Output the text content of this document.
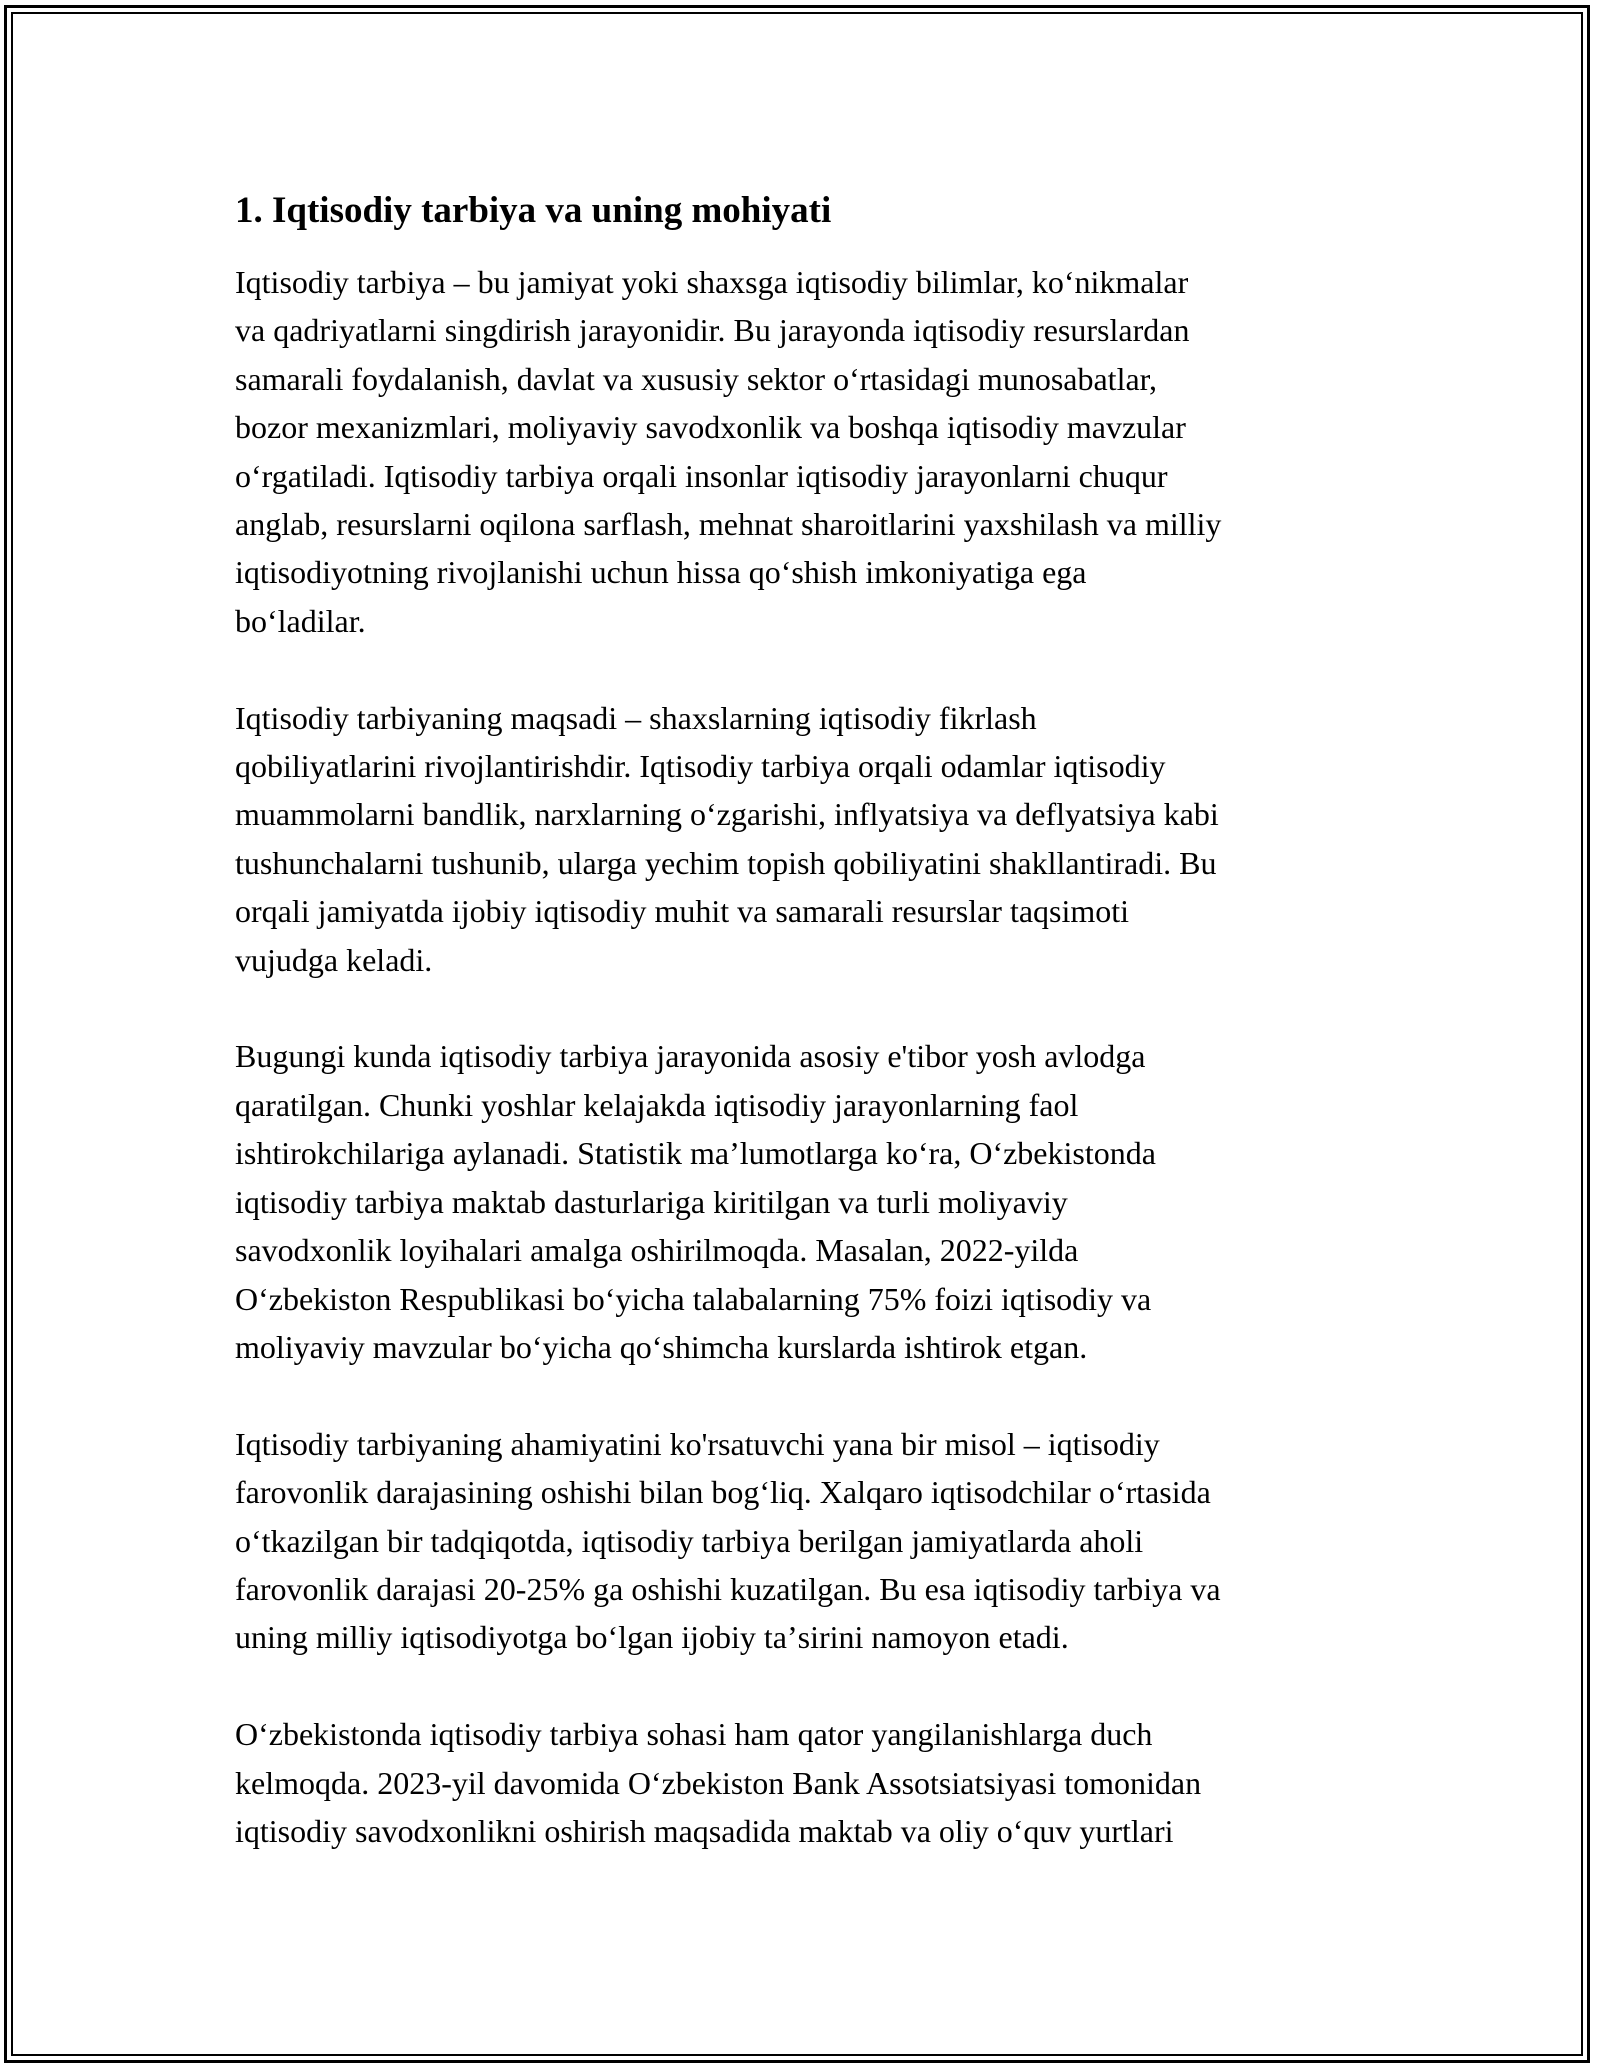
1. Iqtisodiy tarbiya va uning mohiyati
Iqtisodiy tarbiya – bu jamiyat yoki shaxsga iqtisodiy bilimlar, koʻnikmalar
va qadriyatlarni singdirish jarayonidir. Bu jarayonda iqtisodiy resurslardan
samarali foydalanish, davlat va xususiy sektor oʻrtasidagi munosabatlar,
bozor mexanizmlari, moliyaviy savodxonlik va boshqa iqtisodiy mavzular
oʻrgatiladi. Iqtisodiy tarbiya orqali insonlar iqtisodiy jarayonlarni chuqur
anglab, resurslarni oqilona sarflash, mehnat sharoitlarini yaxshilash va milliy
iqtisodiyotning rivojlanishi uchun hissa qoʻshish imkoniyatiga ega
boʻladilar.
Iqtisodiy tarbiyaning maqsadi – shaxslarning iqtisodiy fikrlash
qobiliyatlarini rivojlantirishdir. Iqtisodiy tarbiya orqali odamlar iqtisodiy
muammolarni bandlik, narxlarning oʻzgarishi, inflyatsiya va deflyatsiya kabi
tushunchalarni tushunib, ularga yechim topish qobiliyatini shakllantiradi. Bu
orqali jamiyatda ijobiy iqtisodiy muhit va samarali resurslar taqsimoti
vujudga keladi.
Bugungi kunda iqtisodiy tarbiya jarayonida asosiy e'tibor yosh avlodga
qaratilgan. Chunki yoshlar kelajakda iqtisodiy jarayonlarning faol
ishtirokchilariga aylanadi. Statistik maʼlumotlarga koʻra, Oʻzbekistonda
iqtisodiy tarbiya maktab dasturlariga kiritilgan va turli moliyaviy
savodxonlik loyihalari amalga oshirilmoqda. Masalan, 2022-yilda
Oʻzbekiston Respublikasi boʻyicha talabalarning 75% foizi iqtisodiy va
moliyaviy mavzular boʻyicha qoʻshimcha kurslarda ishtirok etgan.
Iqtisodiy tarbiyaning ahamiyatini ko'rsatuvchi yana bir misol – iqtisodiy
farovonlik darajasining oshishi bilan bogʻliq. Xalqaro iqtisodchilar oʻrtasida
oʻtkazilgan bir tadqiqotda, iqtisodiy tarbiya berilgan jamiyatlarda aholi
farovonlik darajasi 20-25% ga oshishi kuzatilgan. Bu esa iqtisodiy tarbiya va
uning milliy iqtisodiyotga boʻlgan ijobiy taʼsirini namoyon etadi.
Oʻzbekistonda iqtisodiy tarbiya sohasi ham qator yangilanishlarga duch
kelmoqda. 2023-yil davomida Oʻzbekiston Bank Assotsiatsiyasi tomonidan
iqtisodiy savodxonlikni oshirish maqsadida maktab va oliy oʻquv yurtlari
